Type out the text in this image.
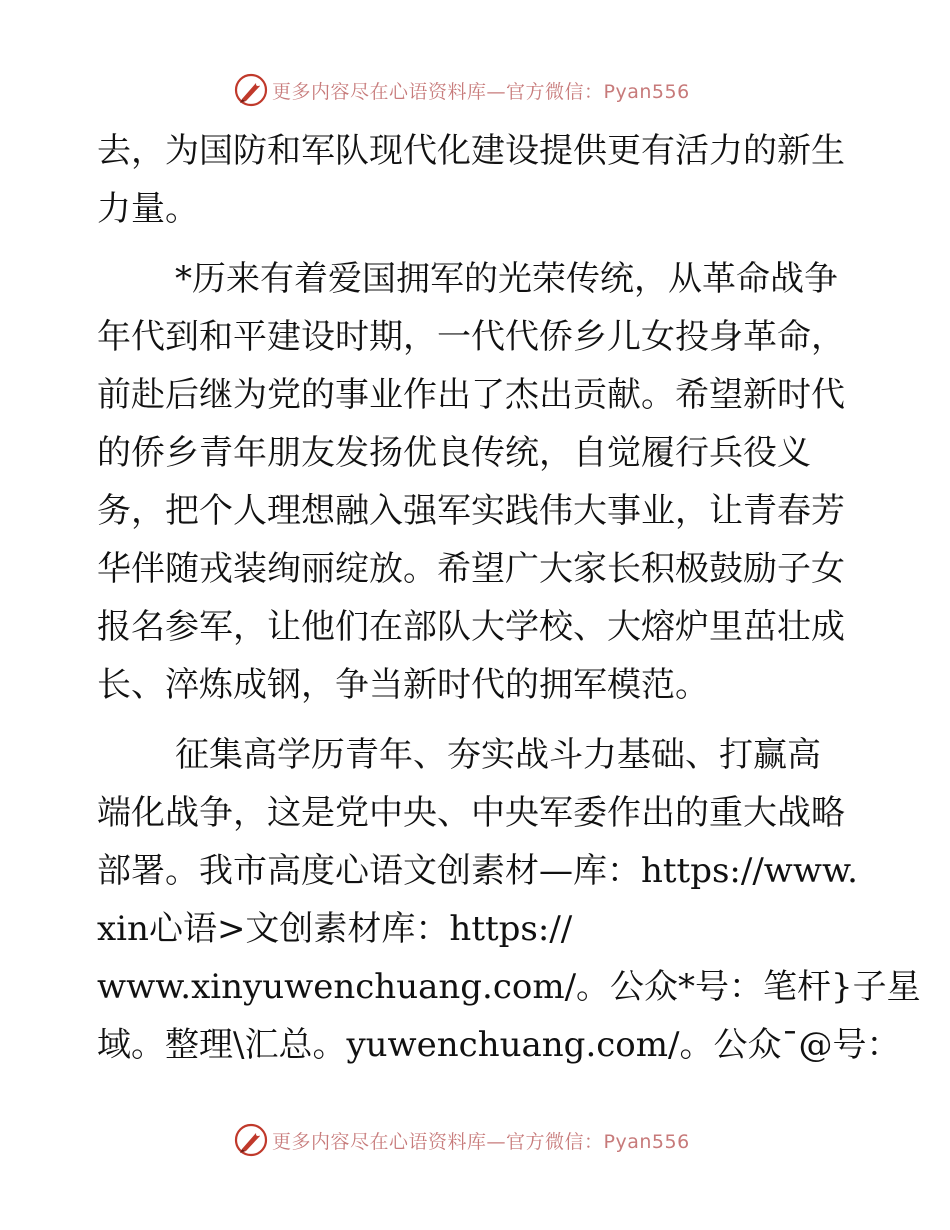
更多内容尽在心语资料库—官方微信：Pyan556
去，为国防和军队现代化建设提供更有活力的新生
力量。
*历来有着爱国拥军的光荣传统，从革命战争
年代到和平建设时期，一代代侨乡儿女投身革命，
前赴后继为党的事业作出了杰出贡献。希望新时代
的侨乡青年朋友发扬优良传统，自觉履行兵役义
务，把个人理想融入强军实践伟大事业，让青春芳
华伴随戎装绚丽绽放。希望广大家长积极鼓励子女
报名参军，让他们在部队大学校、大熔炉里茁壮成
长、淬炼成钢，争当新时代的拥军模范。
征集高学历青年、夯实战斗力基础、打赢高
端化战争，这是党中央、中央军委作出的重大战略
部署。我市高度心语文创素材—库：https://www.
xin心语>文创素材库：https://
www.xinyuwenchuang.com/。公众*号：笔杆}子星
域。整理\汇总。yuwenchuang.com/。公众¯@号：
更多内容尽在心语资料库—官方微信：Pyan556
